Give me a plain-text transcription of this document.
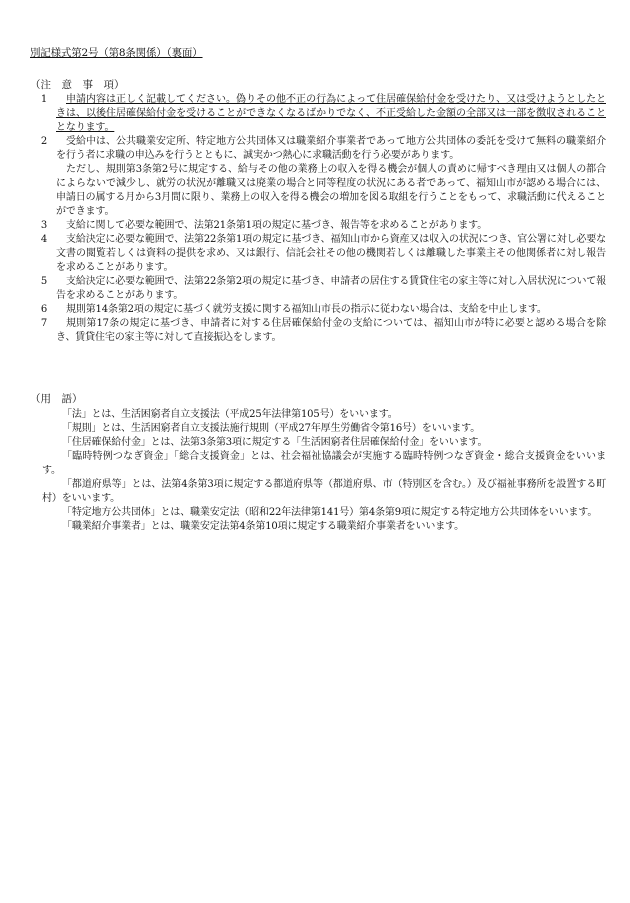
別記様式第2号（第8条関係）（裏面）
（注　意　事　項）
1	申請内容は正しく記載してください。偽りその他不正の行為によって住居確保給付金を受けたり、又は受けようとしたときは、以後住居確保給付金を受けることができなくなるばかりでなく、不正受給した金額の全部又は一部を徴収されることとなります。
2	受給中は、公共職業安定所、特定地方公共団体又は職業紹介事業者であって地方公共団体の委託を受けて無料の職業紹介を行う者に求職の申込みを行うとともに、誠実かつ熱心に求職活動を行う必要があります。
ただし、規則第3条第2号に規定する、給与その他の業務上の収入を得る機会が個人の責めに帰すべき理由又は個人の都合によらないで減少し、就労の状況が離職又は廃業の場合と同等程度の状況にある者であって、福知山市が認める場合には、申請日の属する月から3月間に限り、業務上の収入を得る機会の増加を図る取組を行うことをもって、求職活動に代えることができます。
3	支給に関して必要な範囲で、法第21条第1項の規定に基づき、報告等を求めることがあります。
4	支給決定に必要な範囲で、法第22条第1項の規定に基づき、福知山市から資産又は収入の状況につき、官公署に対し必要な文書の閲覧若しくは資料の提供を求め、又は銀行、信託会社その他の機関若しくは離職した事業主その他関係者に対し報告を求めることがあります。
5	支給決定に必要な範囲で、法第22条第2項の規定に基づき、申請者の居住する賃貸住宅の家主等に対し入居状況について報告を求めることがあります。
6	規則第14条第2項の規定に基づく就労支援に関する福知山市長の指示に従わない場合は、支給を中止します。
7	規則第17条の規定に基づき、申請者に対する住居確保給付金の支給については、福知山市が特に必要と認める場合を除き、賃貸住宅の家主等に対して直接振込をします。
（用　語）
「法」とは、生活困窮者自立支援法（平成25年法律第105号）をいいます。
「規則」とは、生活困窮者自立支援法施行規則（平成27年厚生労働省令第16号）をいいます。
「住居確保給付金」とは、法第3条第3項に規定する「生活困窮者住居確保給付金」をいいます。
「臨時特例つなぎ資金」「総合支援資金」とは、社会福祉協議会が実施する臨時特例つなぎ資金・総合支援資金をいいます。
「都道府県等」とは、法第4条第3項に規定する都道府県等（都道府県、市（特別区を含む。）及び福祉事務所を設置する町村）をいいます。
「特定地方公共団体」とは、職業安定法（昭和22年法律第141号）第4条第9項に規定する特定地方公共団体をいいます。
「職業紹介事業者」とは、職業安定法第4条第10項に規定する職業紹介事業者をいいます。
